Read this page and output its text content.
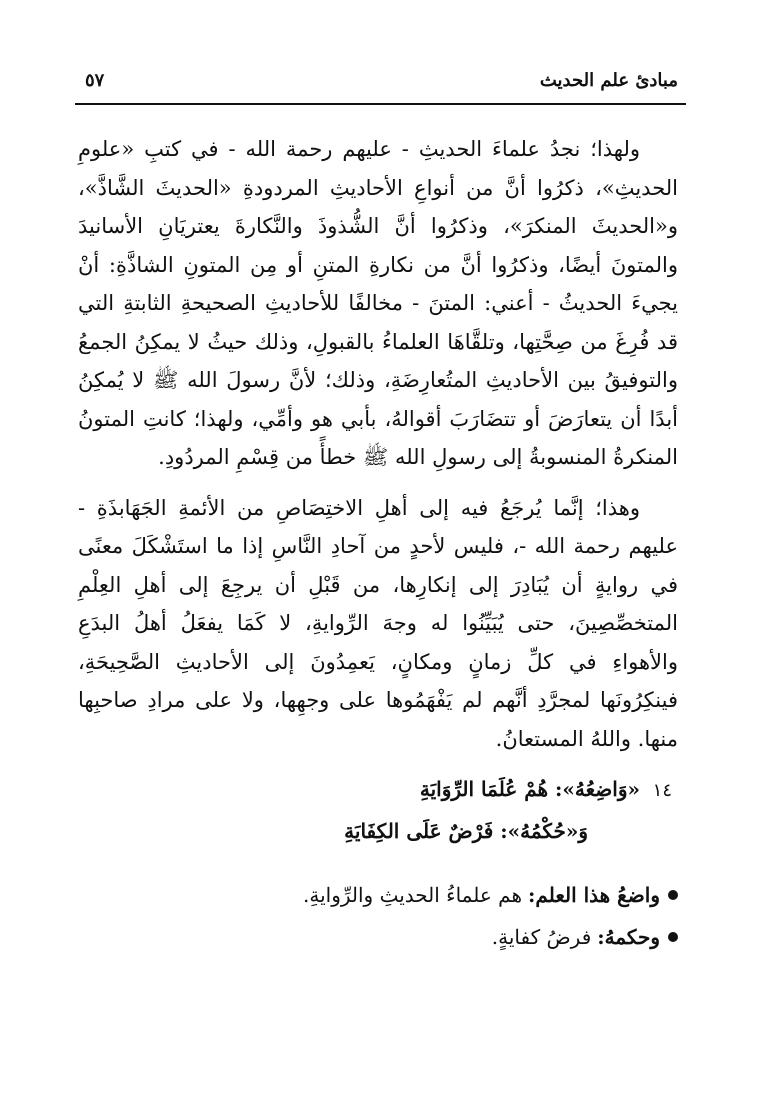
مبادئ علم الحديث
٥٧

ولهذا؛ نجدُ علماءَ الحديثِ - عليهم رحمة الله - في كتبِ «علومِ الحديثِ»، ذكرُوا أنَّ من أنواعِ الأحاديثِ المردودةِ «الحديثَ الشَّاذَّ»، و«الحديثَ المنكرَ»، وذكرُوا أنَّ الشُّذوذَ والنَّكارةَ يعتريَانِ الأسانيدَ والمتونَ أيضًا، وذكرُوا أنَّ من نكارةِ المتنِ أو مِن المتونِ الشاذَّةِ: أنْ يجيءَ الحديثُ - أعني: المتنَ - مخالفًا للأحاديثِ الصحيحةِ الثابتةِ التي قد فُرِغَ من صِحَّتِها، وتلقَّاهَا العلماءُ بالقبولِ، وذلك حيثُ لا يمكِنُ الجمعُ والتوفيقُ بين الأحاديثِ المتُعارِضَةِ، وذلك؛ لأنَّ رسولَ الله ﷺ لا يُمكِنُ أبدًا أن يتعارَضَ أو تتضَارَبَ أقوالهُ، بأبي هو وأمِّي، ولهذا؛ كانتِ المتونُ المنكرةُ المنسوبةُ إلى رسولِ الله ﷺ خطأً من قِسْمِ المردُودِ.

وهذا؛ إنَّما يُرجَعُ فيه إلى أهلِ الاختِصَاصِ من الأئمةِ الجَهَابذَةِ - عليهم رحمة الله -، فليس لأحدٍ من آحادِ النَّاسِ إذا ما استَشْكَلَ معنًى في روايةٍ أن يُبَادِرَ إلى إنكارِها، من قَبْلِ أن يرجِعَ إلى أهلِ العِلْمِ المتخصِّصِينَ، حتى يُبَيِّنُوا له وجهَ الرِّوايةِ، لا كَمَا يفعَلُ أهلُ البدَعِ والأهواءِ في كلِّ زمانٍ ومكانٍ، يَعمِدُونَ إلى الأحاديثِ الصَّحِيحَةِ، فينكِرُونَها لمجرَّدِ أنَّهم لم يَفْهَمُوها على وجهِها، ولا على مرادِ صاحبِها منها. واللهُ المستعانُ.

١٤
«وَاضِعُهُ»: هُمْ عُلَمَا الرِّوَايَةِ
وَ«حُكْمُهُ»: فَرْضٌ عَلَى الكِفَايَةِ
واضعُ هذا العلم:
هم علماءُ الحديثِ والرِّوايةِ.
وحكمهُ:
فرضُ كفايةٍ.
